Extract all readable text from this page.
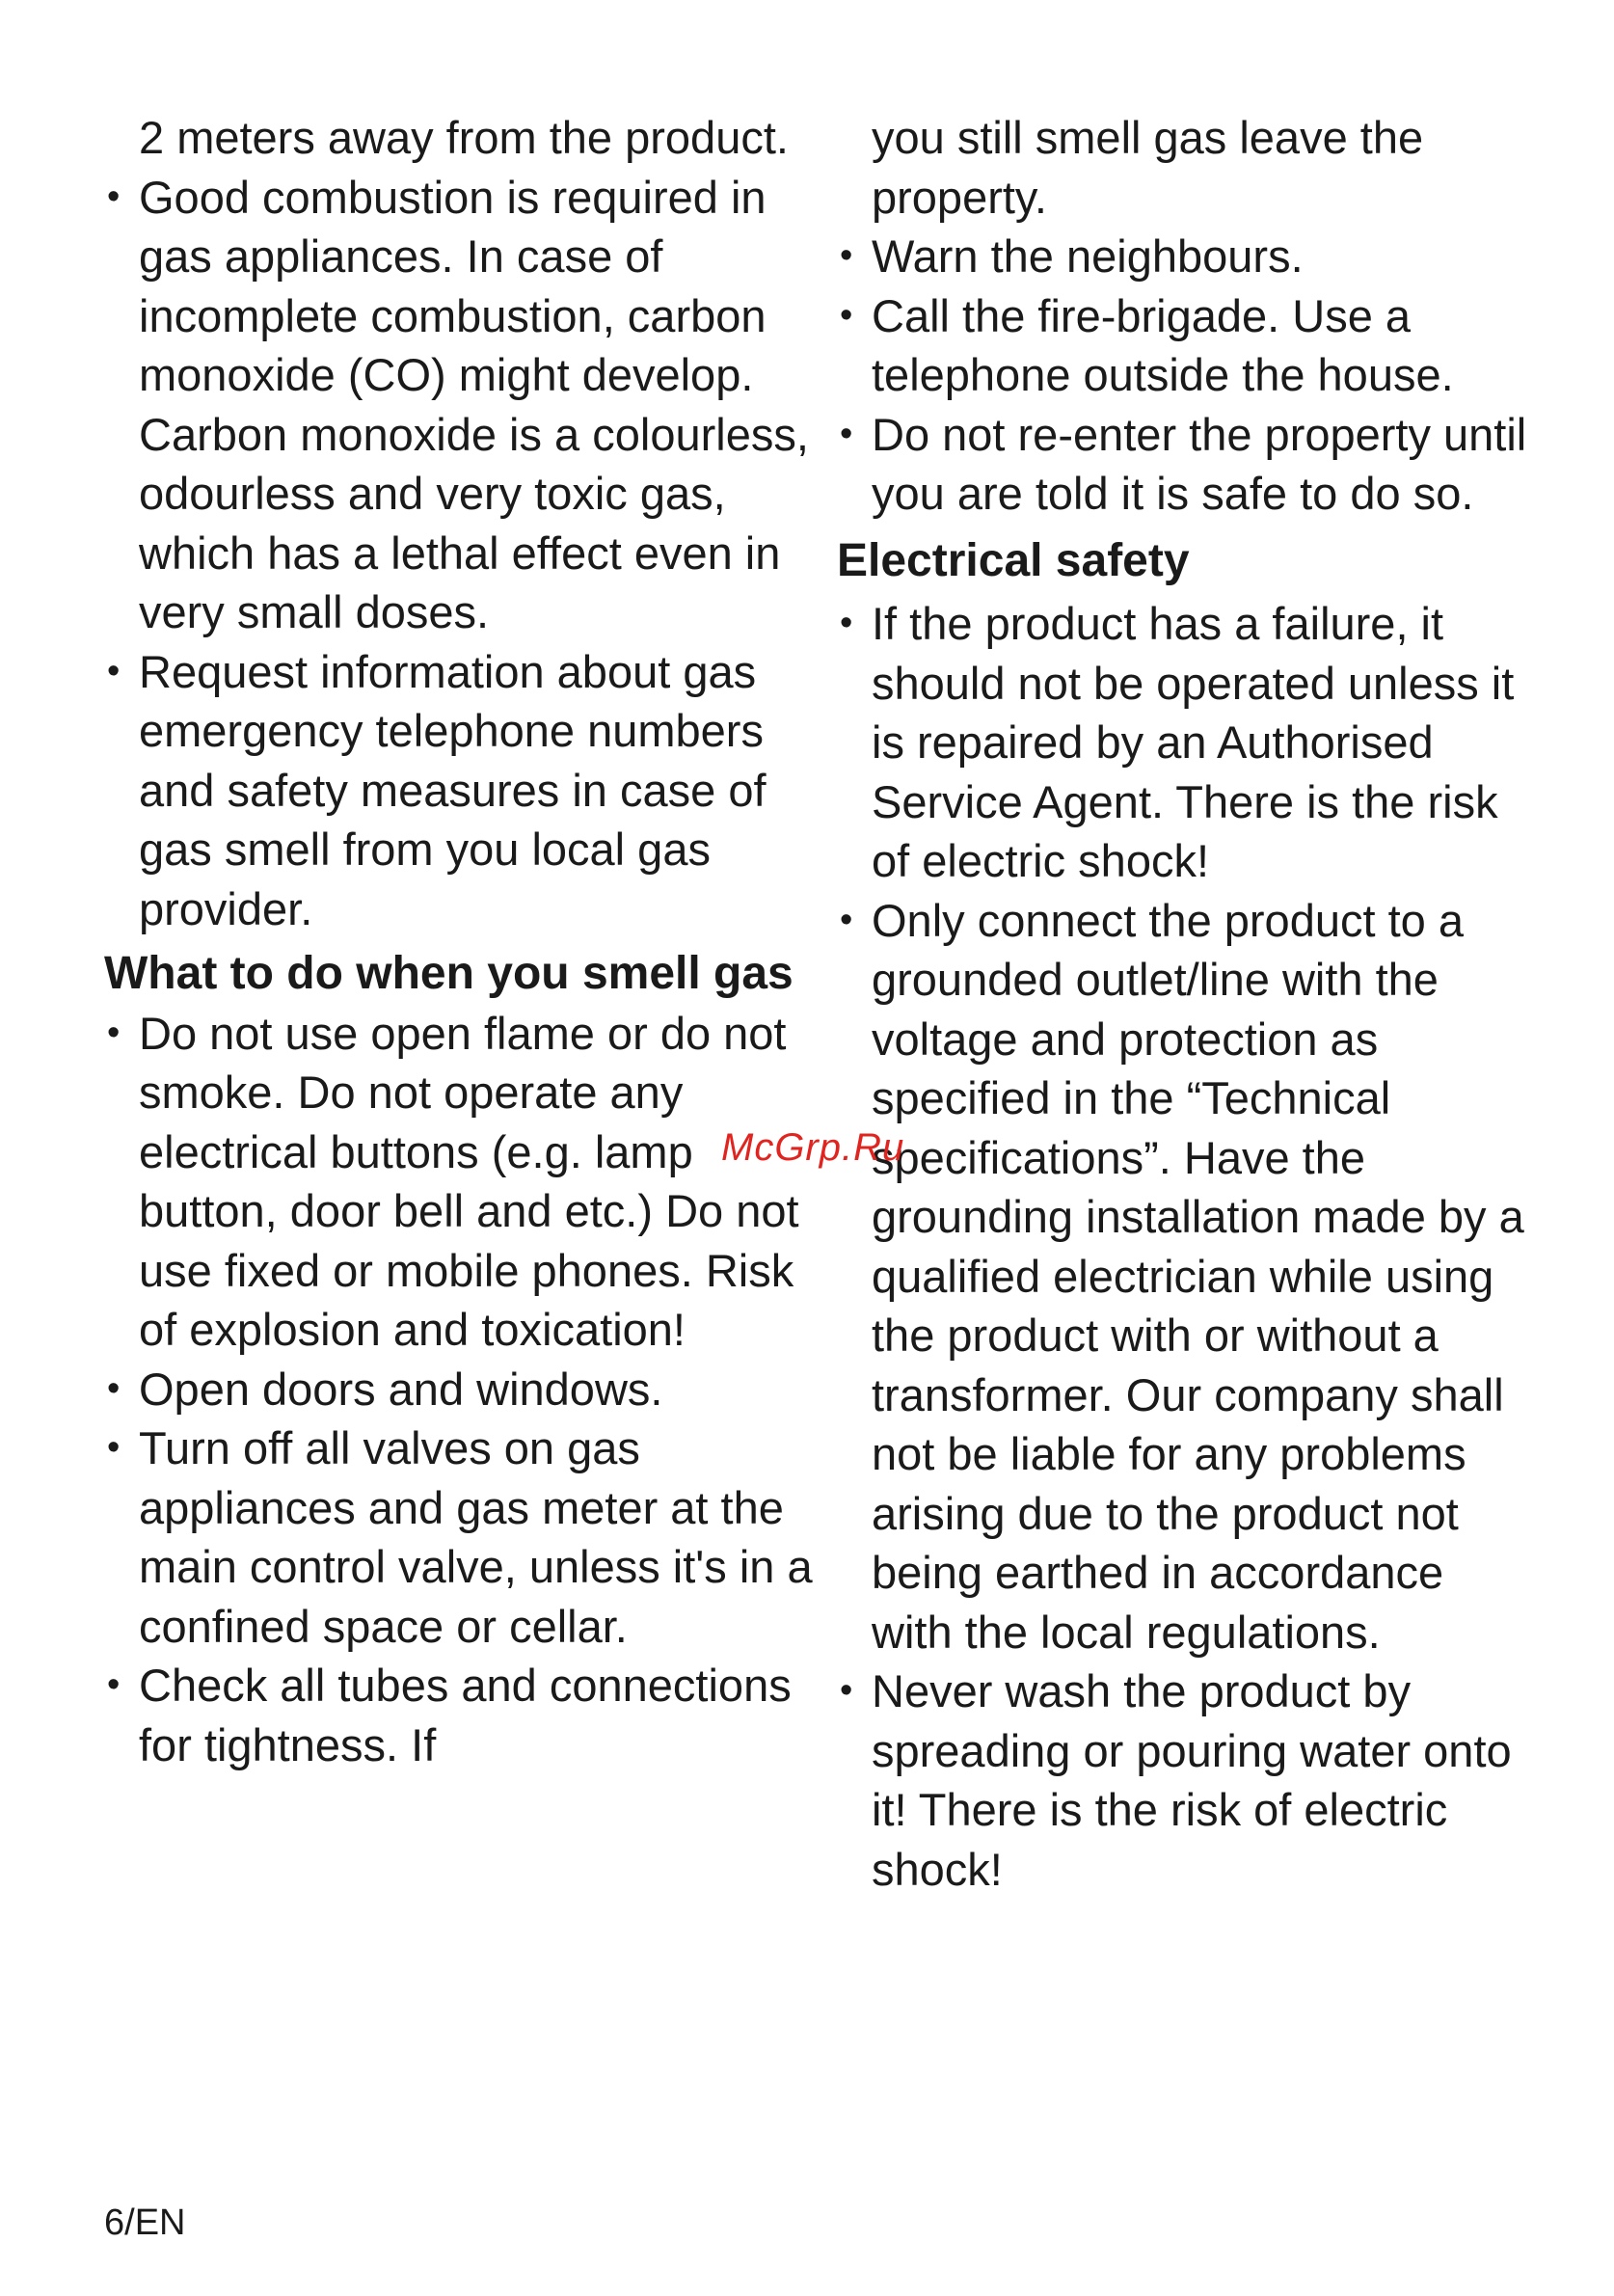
2 meters away from the product.

• Good combustion is required in gas appliances. In case of incomplete combustion, carbon monoxide (CO) might develop. Carbon monoxide is a colourless, odourless and very toxic gas, which has a lethal effect even in very small doses.
• Request information about gas emergency telephone numbers and safety measures in case of gas smell from you local gas provider.
What to do when you smell gas
• Do not use open flame or do not smoke. Do not operate any electrical buttons (e.g. lamp button, door bell and etc.) Do not use fixed or mobile phones. Risk of explosion and toxication!
• Open doors and windows.
• Turn off all valves on gas appliances and gas meter at the main control valve, unless it's in a confined space or cellar.
• Check all tubes and connections for tightness. If

you still smell gas leave the property.

• Warn the neighbours.
• Call the fire-brigade. Use a telephone outside the house.
• Do not re-enter the property until you are told it is safe to do so.
Electrical safety
• If the product has a failure, it should not be operated unless it is repaired by an Authorised Service Agent. There is the risk of electric shock!
• Only connect the product to a grounded outlet/line with the voltage and protection as specified in the “Technical specifications”. Have the grounding installation made by a qualified electrician while using the product with or without a transformer. Our company shall not be liable for any problems arising due to the product not being earthed in accordance with the local regulations.
• Never wash the product by spreading or pouring water onto it! There is the risk of electric shock!
McGrp.Ru
6/EN
